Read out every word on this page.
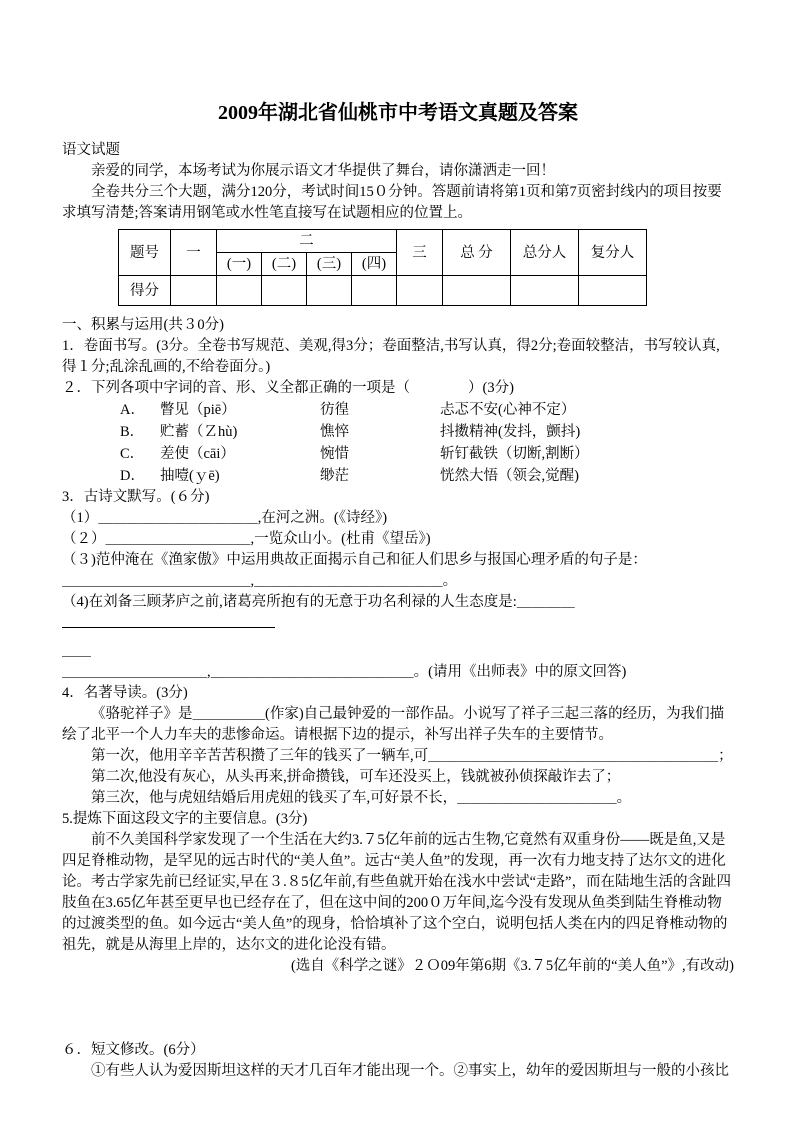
2009年湖北省仙桃市中考语文真题及答案

语文试题

亲爱的同学，本场考试为你展示语文才华提供了舞台，请你潇洒走一回！

全卷共分三个大题，满分120分，考试时间15０分钟。答题前请将第1页和第7页密封线内的项目按要求填写清楚;答案请用钢笔或水性笔直接写在试题相应的位置上。

题号	一	二				三	总 分	总分人	复分人
		(一)	(二)	(三)	(四)				
得分									

一、积累与运用(共３0分)

1．卷面书写。(3分。全卷书写规范、美观,得3分；卷面整洁,书写认真，得2分;卷面较整洁，书写较认真,得１分;乱涂乱画的,不给卷面分。)

２．下列各项中字词的音、形、义全都正确的一项是（　　　　）(3分)

A．	瞥见（piē）	彷徨	忐忑不安(心神不定）
B．	贮蓄（Ｚhù)	憔悴	抖擞精神(发抖，颤抖)
C．	差使（cāi）	惋惜	斩钉截铁（切断,割断）
D．	抽噎(ｙē)	缈茫	恍然大悟（领会,觉醒)

3．古诗文默写。(６分)

（1）＿＿＿＿＿＿＿＿＿＿＿,在河之洲。(《诗经》)

（２）＿＿＿＿＿＿＿＿＿＿,一览众山小。(杜甫《望岳》)

（３)范仲淹在《渔家傲》中运用典故正面揭示自己和征人们思乡与报国心理矛盾的句子是：

＿＿＿＿＿＿＿＿＿＿＿＿＿,＿＿＿＿＿＿＿＿＿＿＿＿＿。

（4)在刘备三顾茅庐之前,诸葛亮所抱有的无意于功名利禄的人生态度是:＿＿＿＿

＿＿

＿＿＿＿＿＿＿＿＿＿,＿＿＿＿＿＿＿＿＿＿＿＿＿＿。(请用《出师表》中的原文回答)

4．名著导读。(3分)

《骆驼祥子》是＿＿＿＿＿(作家)自己最钟爱的一部作品。小说写了祥子三起三落的经历，为我们描绘了北平一个人力车夫的悲惨命运。请根据下边的提示，补写出祥子失车的主要情节。

第一次，他用辛辛苦苦积攒了三年的钱买了一辆车,可＿＿＿＿＿＿＿＿＿＿＿＿＿＿＿＿＿＿＿＿；

第二次,他没有灰心，从头再来,拼命攒钱，可车还没买上，钱就被孙侦探敲诈去了；

第三次，他与虎妞结婚后用虎妞的钱买了车,可好景不长，＿＿＿＿＿＿＿＿＿＿＿。

5.提炼下面这段文字的主要信息。(3分)

前不久美国科学家发现了一个生活在大约3.７5亿年前的远古生物,它竟然有双重身份——既是鱼,又是四足脊椎动物，是罕见的远古时代的“美人鱼”。远古“美人鱼”的发现，再一次有力地支持了达尔文的进化论。考古学家先前已经证实,早在３.８5亿年前,有些鱼就开始在浅水中尝试“走路”，而在陆地生活的含趾四肢鱼在3.65亿年甚至更早也已经存在了，但在这中间的200０万年间,迄今没有发现从鱼类到陆生脊椎动物的过渡类型的鱼。如今远古“美人鱼”的现身，恰恰填补了这个空白，说明包括人类在内的四足脊椎动物的祖先，就是从海里上岸的，达尔文的进化论没有错。

(选自《科学之谜》２Ｏ09年第6期《3.７5亿年前的“美人鱼”》,有改动)

６．短文修改。(6分）

①有些人认为爱因斯坦这样的天才几百年才能出现一个。②事实上，幼年的爱因斯坦与一般的小孩比
